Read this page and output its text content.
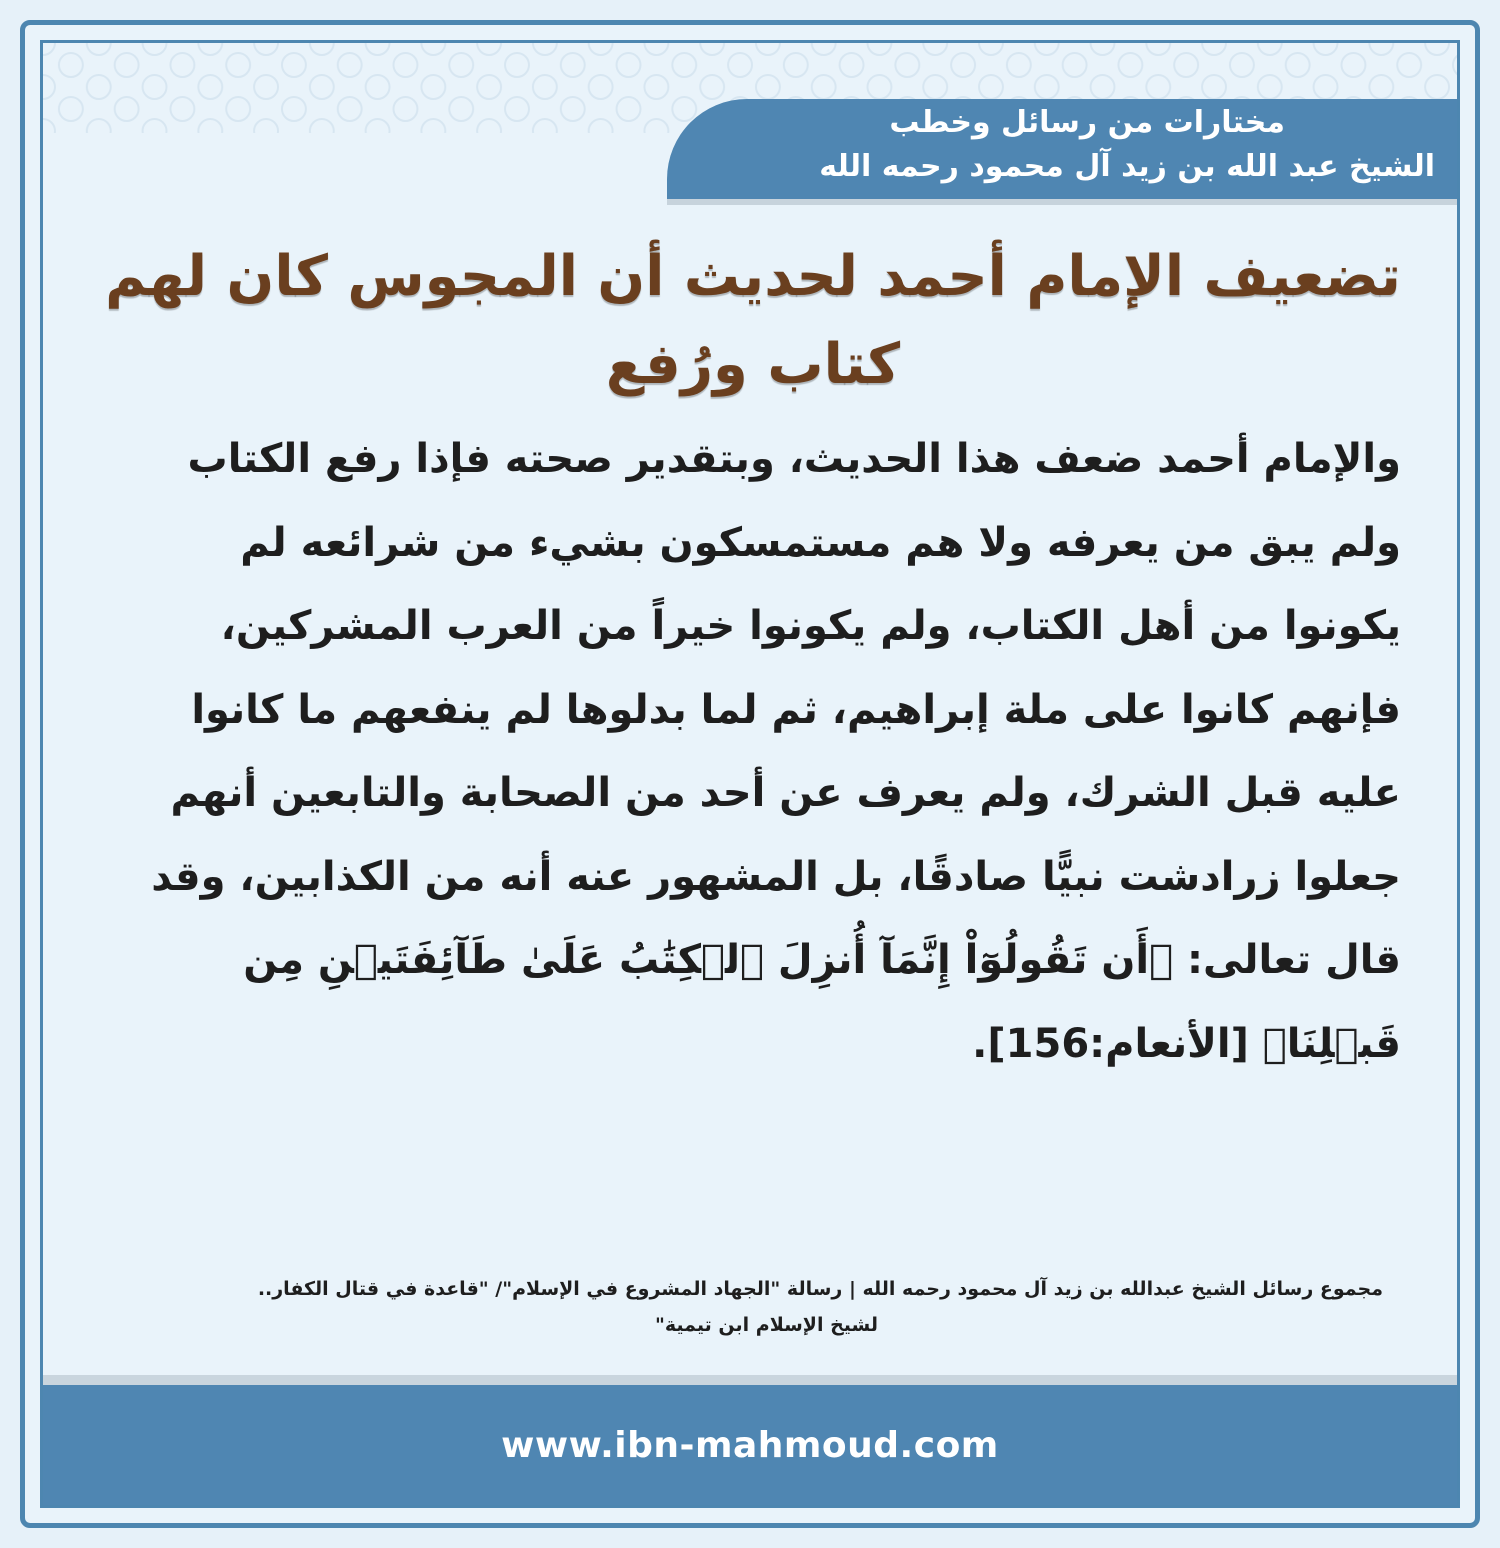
مختارات من رسائل وخطب
الشيخ عبد الله بن زيد آل محمود رحمه الله
تضعيف الإمام أحمد لحديث أن المجوس كان لهم كتاب ورُفع
والإمام أحمد ضعف هذا الحديث، وبتقدير صحته فإذا رفع الكتاب ولم يبق من يعرفه ولا هم مستمسكون بشيء من شرائعه لم يكونوا من أهل الكتاب، ولم يكونوا خيراً من العرب المشركين، فإنهم كانوا على ملة إبراهيم، ثم لما بدلوها لم ينفعهم ما كانوا عليه قبل الشرك، ولم يعرف عن أحد من الصحابة والتابعين أنهم جعلوا زرادشت نبيًّا صادقًا، بل المشهور عنه أنه من الكذابين، وقد قال تعالى: ﴿أَن تَقُولُوٓاْ إِنَّمَآ أُنزِلَ ٱلۡكِتَٰبُ عَلَىٰ طَآئِفَتَيۡنِ مِن قَبۡلِنَا﴾ [الأنعام:156].
مجموع رسائل الشيخ عبدالله بن زيد آل محمود رحمه الله | رسالة "الجهاد المشروع في الإسلام"/ "قاعدة في قتال الكفار..
لشيخ الإسلام ابن تيمية"
www.ibn-mahmoud.com
